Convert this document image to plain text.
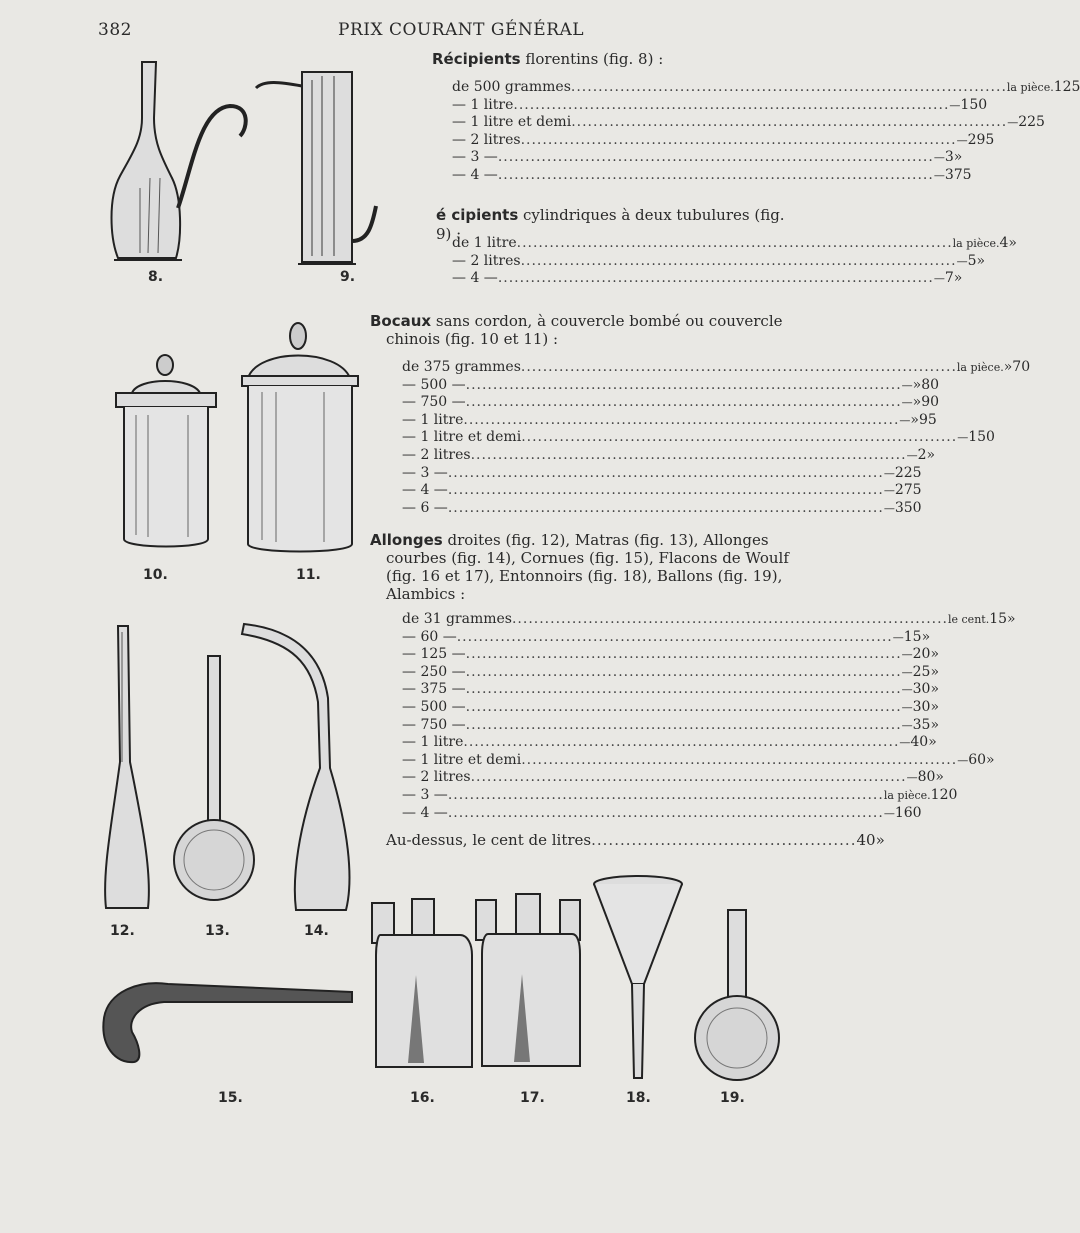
382	PRIX COURANT GÉNÉRAL
Récipients florentins (fig. 8) :
de 500 grammes ................................................................................ la pièce. 1 25
— 1 litre ................................................................................ — 1 50
— 1 litre et demi ................................................................................ — 2 25
— 2 litres ................................................................................ — 2 95
— 3 — ................................................................................ — 3 »
— 4 — ................................................................................ — 3 75
é cipients cylindriques à deux tubulures (fig. 9) :
de 1 litre ................................................................................ la pièce. 4 »
— 2 litres ................................................................................ — 5 »
— 4 — ................................................................................ — 7 »
Bocaux sans cordon, à couvercle bombé ou couvercle
chinois (fig. 10 et 11) :
de 375 grammes ................................................................................ la pièce. » 70
— 500 — ................................................................................ — » 80
— 750 — ................................................................................ — » 90
— 1 litre ................................................................................ — » 95
— 1 litre et demi ................................................................................ — 1 50
— 2 litres ................................................................................ — 2 »
— 3 — ................................................................................ — 2 25
— 4 — ................................................................................ — 2 75
— 6 — ................................................................................ — 3 50
Allonges droites (fig. 12), Matras (fig. 13), Allonges
courbes (fig. 14), Cornues (fig. 15), Flacons de Woulf
(fig. 16 et 17), Entonnoirs (fig. 18), Ballons (fig. 19),
Alambics :
de 31 grammes ................................................................................ le cent. 15 »
— 60 — ................................................................................ — 15 »
— 125 — ................................................................................ — 20 »
— 250 — ................................................................................ — 25 »
— 375 — ................................................................................ — 30 »
— 500 — ................................................................................ — 30 »
— 750 — ................................................................................ — 35 »
— 1 litre ................................................................................ — 40 »
— 1 litre et demi ................................................................................ — 60 »
— 2 litres ................................................................................ — 80 »
— 3 — ................................................................................ la pièce. 1 20
— 4 — ................................................................................ — 1 60
Au-dessus, le cent de litres .............................................. 40 »
8.	9.
10.	11.
12.	13.	14.
15.	16.	17.	18.	19.
